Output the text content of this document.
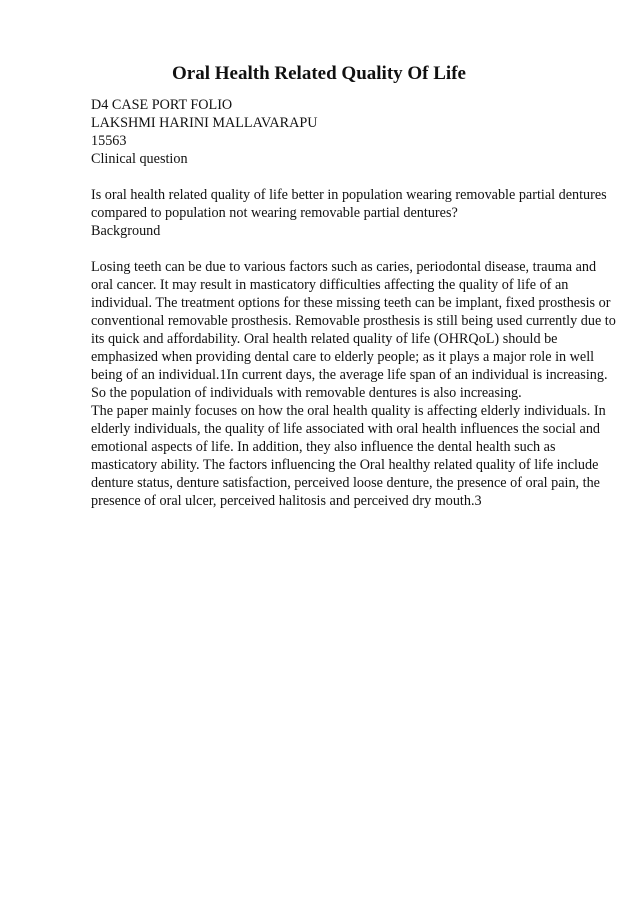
Oral Health Related Quality Of Life

D4 CASE PORT FOLIO

LAKSHMI HARINI MALLAVARAPU

15563

Clinical question

Is oral health related quality of life better in population wearing removable partial dentures compared to population not wearing removable partial dentures?

Background

Losing teeth can be due to various factors such as caries, periodontal disease, trauma and oral cancer. It may result in masticatory difficulties affecting the quality of life of an individual. The treatment options for these missing teeth can be implant, fixed prosthesis or conventional removable prosthesis. Removable prosthesis is still being used currently due to its quick and affordability. Oral health related quality of life (OHRQoL) should be emphasized when providing dental care to elderly people; as it plays a major role in well being of an individual.1In current days, the average life span of an individual is increasing. So the population of individuals with removable dentures is also increasing.

The paper mainly focuses on how the oral health quality is affecting elderly individuals. In elderly individuals, the quality of life associated with oral health influences the social and emotional aspects of life. In addition, they also influence the dental health such as masticatory ability. The factors influencing the Oral healthy related quality of life include denture status, denture satisfaction, perceived loose denture, the presence of oral pain, the presence of oral ulcer, perceived halitosis and perceived dry mouth.3
